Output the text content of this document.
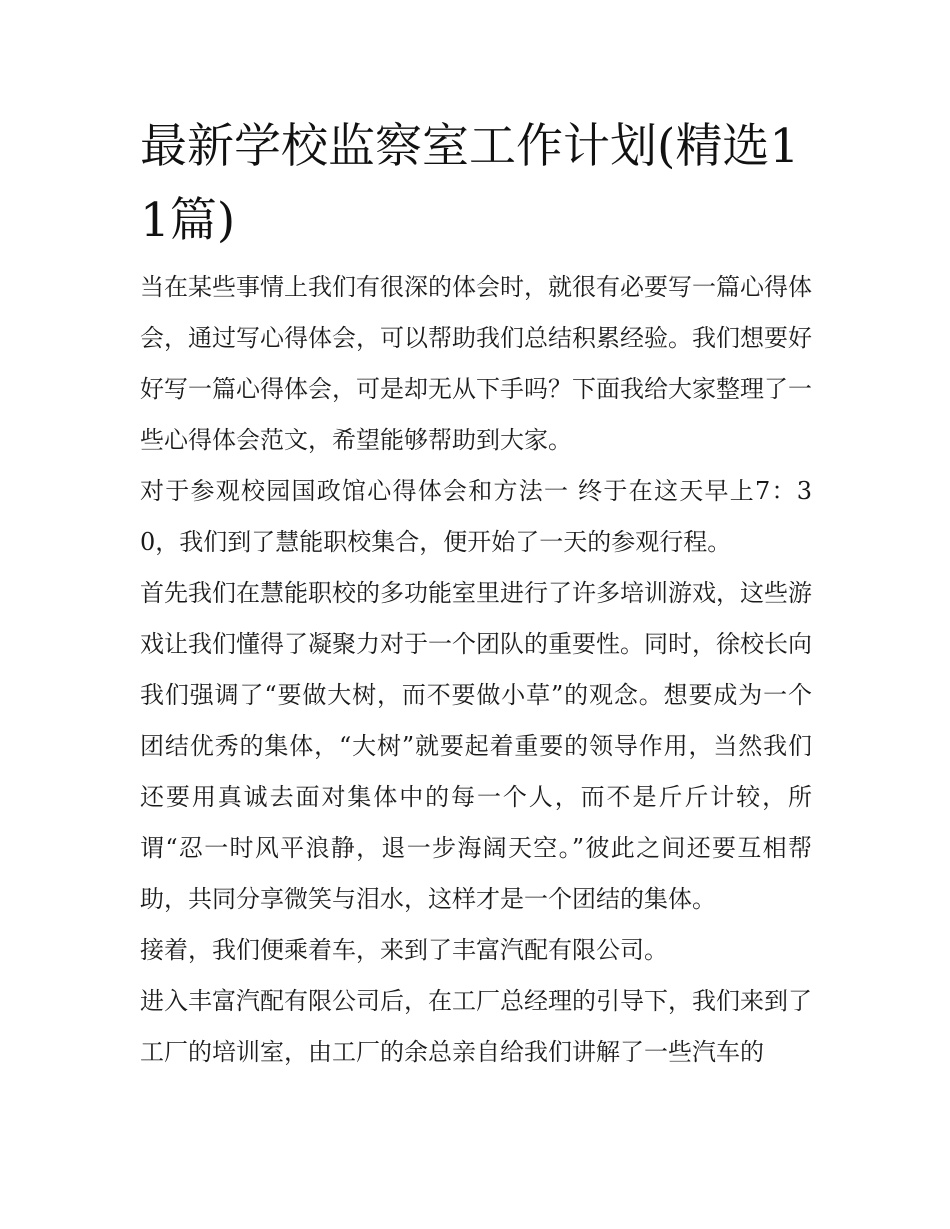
最新学校监察室工作计划(精选11篇)

当在某些事情上我们有很深的体会时，就很有必要写一篇心得体会，通过写心得体会，可以帮助我们总结积累经验。我们想要好好写一篇心得体会，可是却无从下手吗？下面我给大家整理了一些心得体会范文，希望能够帮助到大家。

对于参观校园国政馆心得体会和方法一 终于在这天早上7：30，我们到了慧能职校集合，便开始了一天的参观行程。

首先我们在慧能职校的多功能室里进行了许多培训游戏，这些游戏让我们懂得了凝聚力对于一个团队的重要性。同时，徐校长向我们强调了“要做大树，而不要做小草”的观念。想要成为一个团结优秀的集体，“大树”就要起着重要的领导作用，当然我们还要用真诚去面对集体中的每一个人，而不是斤斤计较，所谓“忍一时风平浪静，退一步海阔天空。”彼此之间还要互相帮助，共同分享微笑与泪水，这样才是一个团结的集体。

接着，我们便乘着车，来到了丰富汽配有限公司。

进入丰富汽配有限公司后，在工厂总经理的引导下，我们来到了工厂的培训室，由工厂的余总亲自给我们讲解了一些汽车的
